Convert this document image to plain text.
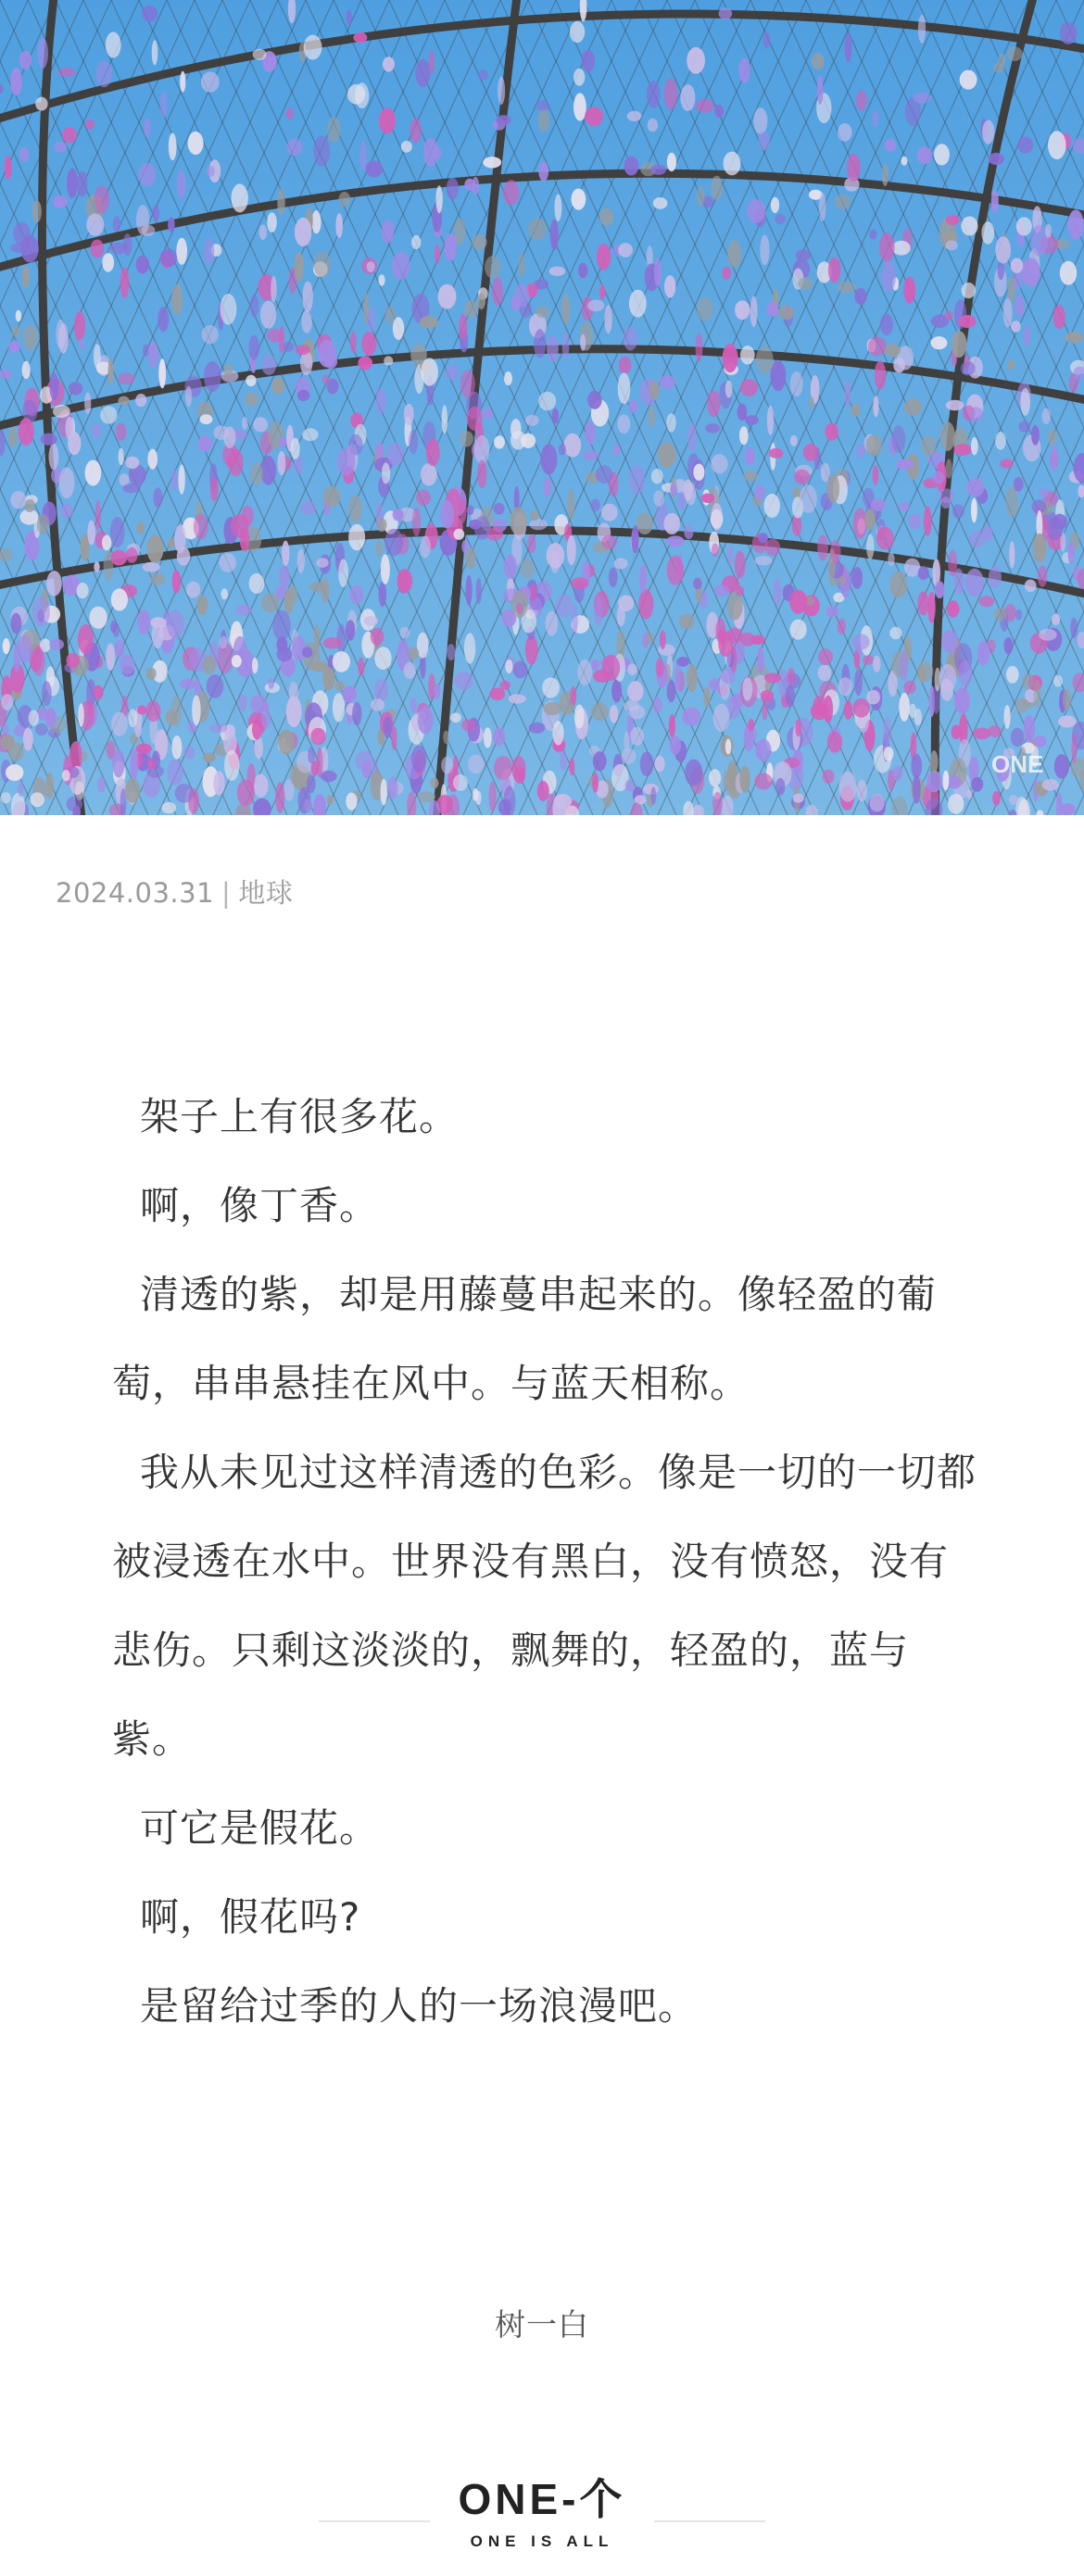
ONE
2024.03.31 | 地球

架子上有很多花。

啊，像丁香。

清透的紫，却是用藤蔓串起来的。像轻盈的葡萄，串串悬挂在风中。与蓝天相称。

我从未见过这样清透的色彩。像是一切的一切都被浸透在水中。世界没有黑白，没有愤怒，没有悲伤。只剩这淡淡的，飘舞的，轻盈的，蓝与紫。

可它是假花。

啊，假花吗?

是留给过季的人的一场浪漫吧。

树一白
ONE-个
ONE IS ALL
